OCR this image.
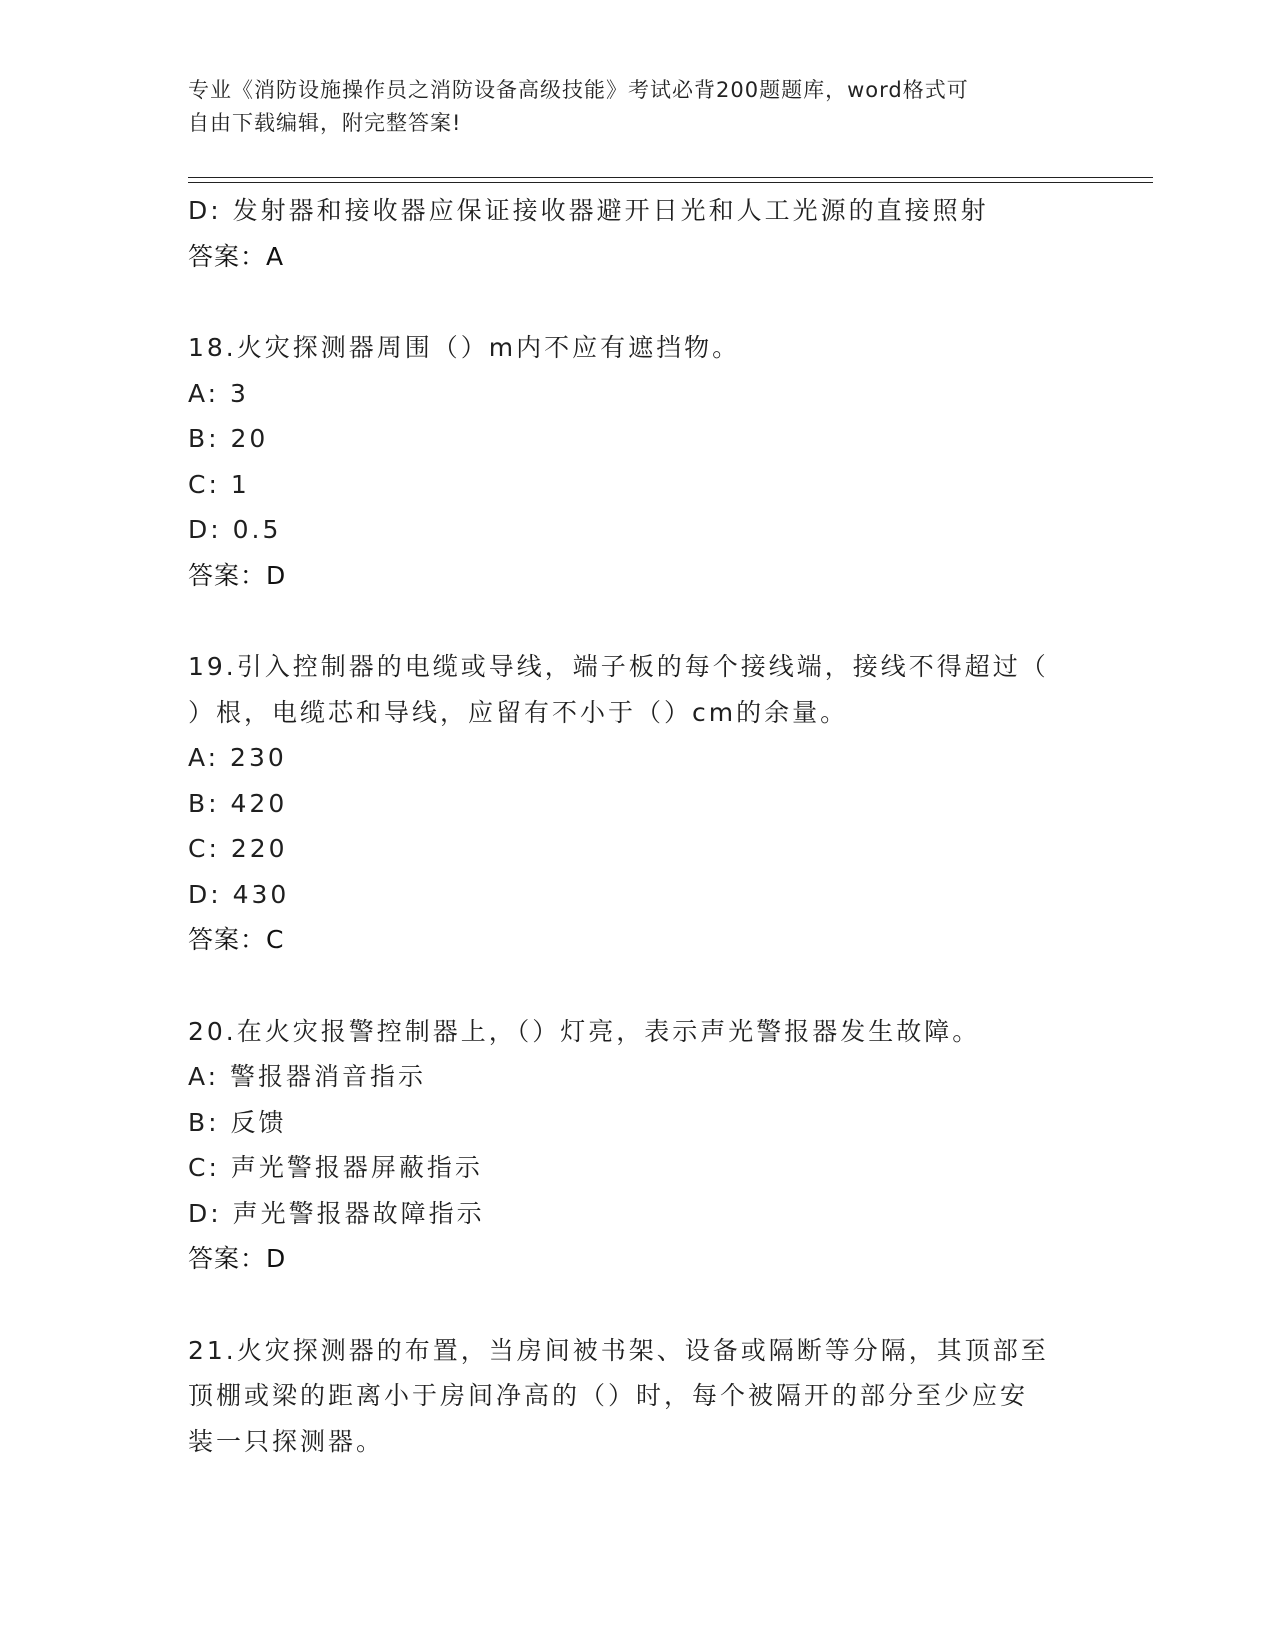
专业《消防设施操作员之消防设备高级技能》考试必背200题题库，word格式可
自由下载编辑，附完整答案!
D: 发射器和接收器应保证接收器避开日光和人工光源的直接照射
答案：A
18.火灾探测器周围（）m内不应有遮挡物。
A: 3
B: 20
C: 1
D: 0.5
答案：D
19.引入控制器的电缆或导线，端子板的每个接线端，接线不得超过（
）根，电缆芯和导线，应留有不小于（）cm的余量。
A: 230
B: 420
C: 220
D: 430
答案：C
20.在火灾报警控制器上，（）灯亮，表示声光警报器发生故障。
A: 警报器消音指示
B: 反馈
C: 声光警报器屏蔽指示
D: 声光警报器故障指示
答案：D
21.火灾探测器的布置，当房间被书架、设备或隔断等分隔，其顶部至
顶棚或梁的距离小于房间净高的（）时，每个被隔开的部分至少应安
装一只探测器。
